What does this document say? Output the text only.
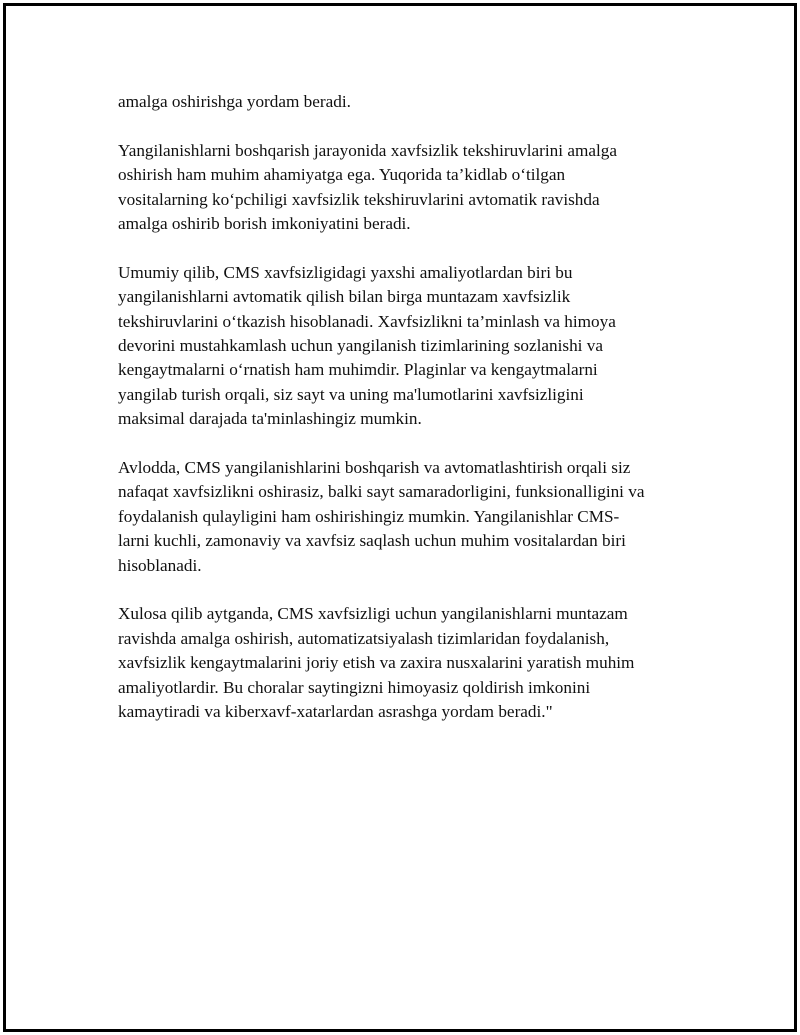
amalga oshirishga yordam beradi.
Yangilanishlarni boshqarish jarayonida xavfsizlik tekshiruvlarini amalga
oshirish ham muhim ahamiyatga ega. Yuqorida ta’kidlab o‘tilgan
vositalarning ko‘pchiligi xavfsizlik tekshiruvlarini avtomatik ravishda
amalga oshirib borish imkoniyatini beradi.
Umumiy qilib, CMS xavfsizligidagi yaxshi amaliyotlardan biri bu
yangilanishlarni avtomatik qilish bilan birga muntazam xavfsizlik
tekshiruvlarini o‘tkazish hisoblanadi. Xavfsizlikni ta’minlash va himoya
devorini mustahkamlash uchun yangilanish tizimlarining sozlanishi va
kengaytmalarni o‘rnatish ham muhimdir. Plaginlar va kengaytmalarni
yangilab turish orqali, siz sayt va uning ma'lumotlarini xavfsizligini
maksimal darajada ta'minlashingiz mumkin.
Avlodda, CMS yangilanishlarini boshqarish va avtomatlashtirish orqali siz
nafaqat xavfsizlikni oshirasiz, balki sayt samaradorligini, funksionalligini va
foydalanish qulayligini ham oshirishingiz mumkin. Yangilanishlar CMS-
larni kuchli, zamonaviy va xavfsiz saqlash uchun muhim vositalardan biri
hisoblanadi.
Xulosa qilib aytganda, CMS xavfsizligi uchun yangilanishlarni muntazam
ravishda amalga oshirish, automatizatsiyalash tizimlaridan foydalanish,
xavfsizlik kengaytmalarini joriy etish va zaxira nusxalarini yaratish muhim
amaliyotlardir. Bu choralar saytingizni himoyasiz qoldirish imkonini
kamaytiradi va kiberxavf-xatarlardan asrashga yordam beradi."
